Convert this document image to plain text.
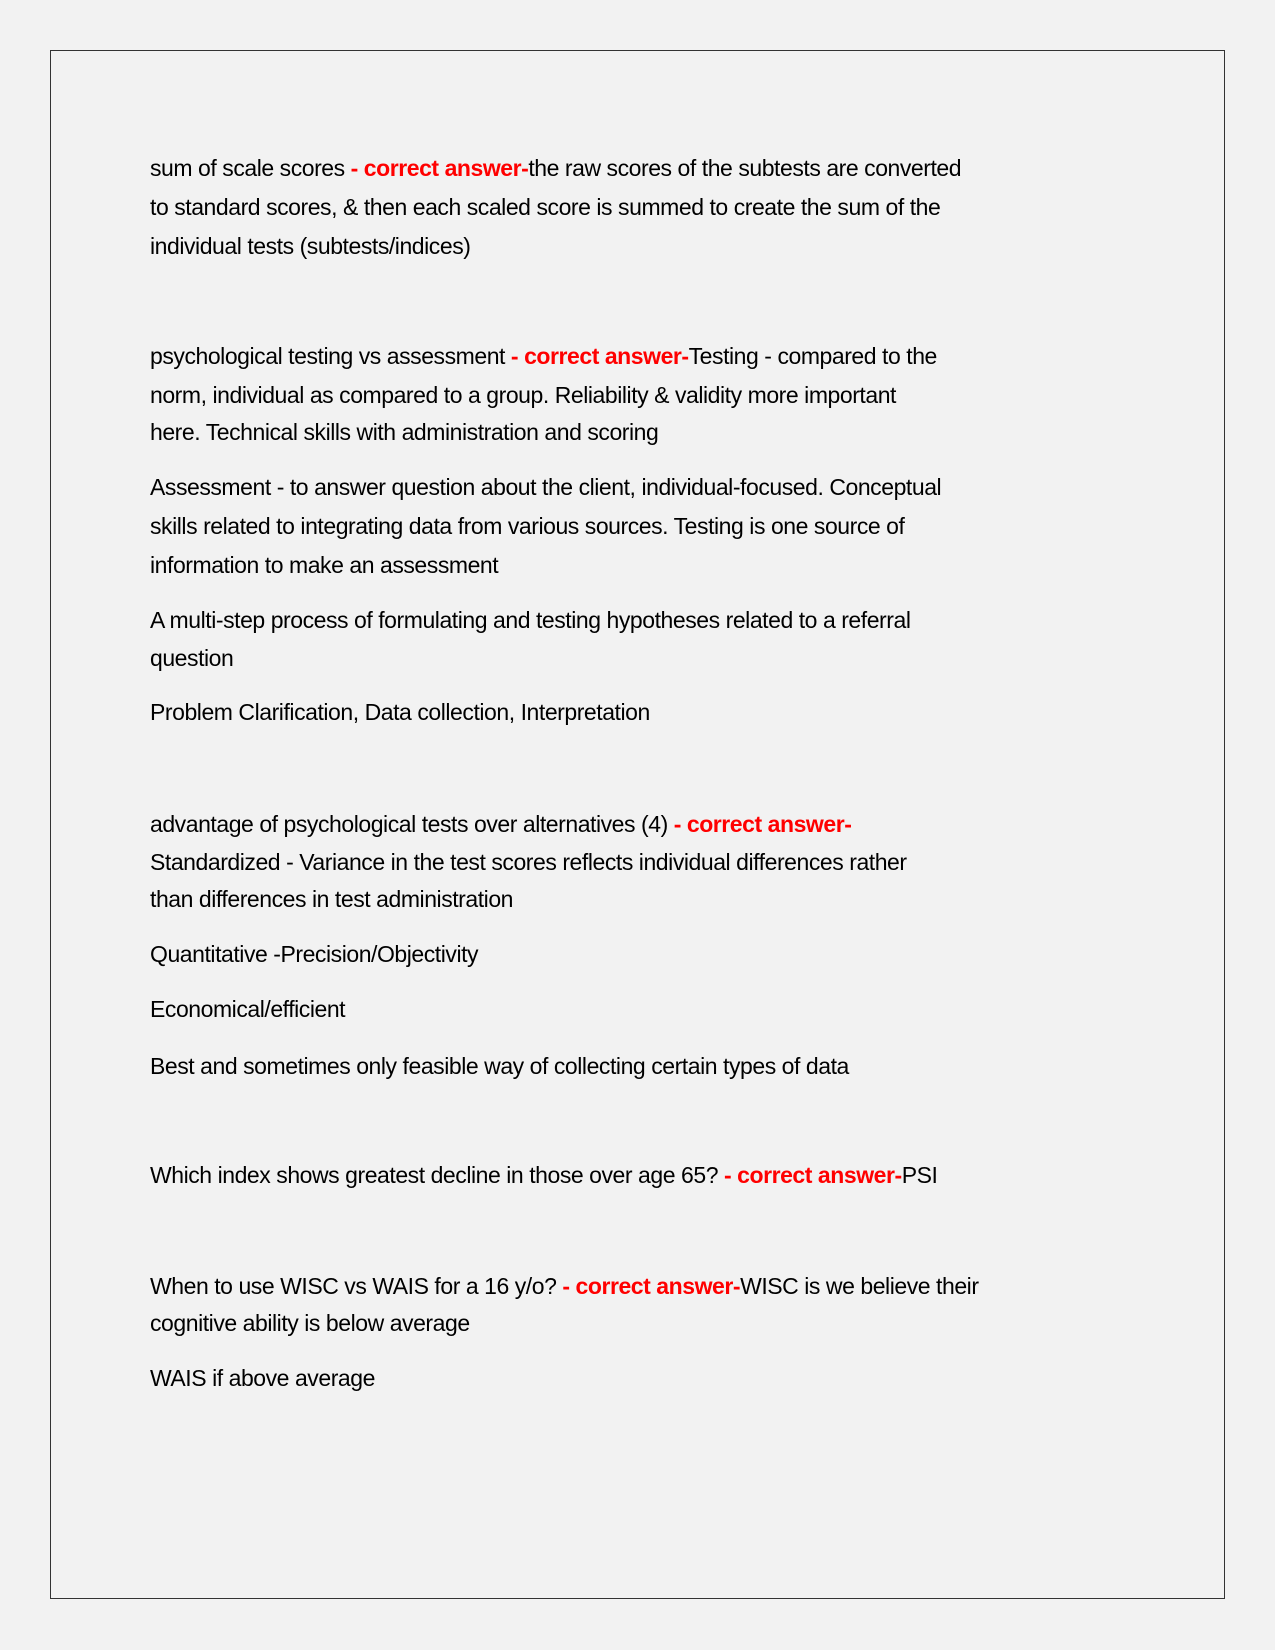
sum of scale scores - correct answer-the raw scores of the subtests are converted
to standard scores, & then each scaled score is summed to create the sum of the
individual tests (subtests/indices)
psychological testing vs assessment - correct answer-Testing - compared to the
norm, individual as compared to a group. Reliability & validity more important
here. Technical skills with administration and scoring
Assessment - to answer question about the client, individual-focused. Conceptual
skills related to integrating data from various sources. Testing is one source of
information to make an assessment
A multi-step process of formulating and testing hypotheses related to a referral
question
Problem Clarification, Data collection, Interpretation
advantage of psychological tests over alternatives (4) - correct answer-
Standardized - Variance in the test scores reflects individual differences rather
than differences in test administration
Quantitative -Precision/Objectivity
Economical/efficient
Best and sometimes only feasible way of collecting certain types of data
Which index shows greatest decline in those over age 65? - correct answer-PSI
When to use WISC vs WAIS for a 16 y/o? - correct answer-WISC is we believe their
cognitive ability is below average
WAIS if above average
